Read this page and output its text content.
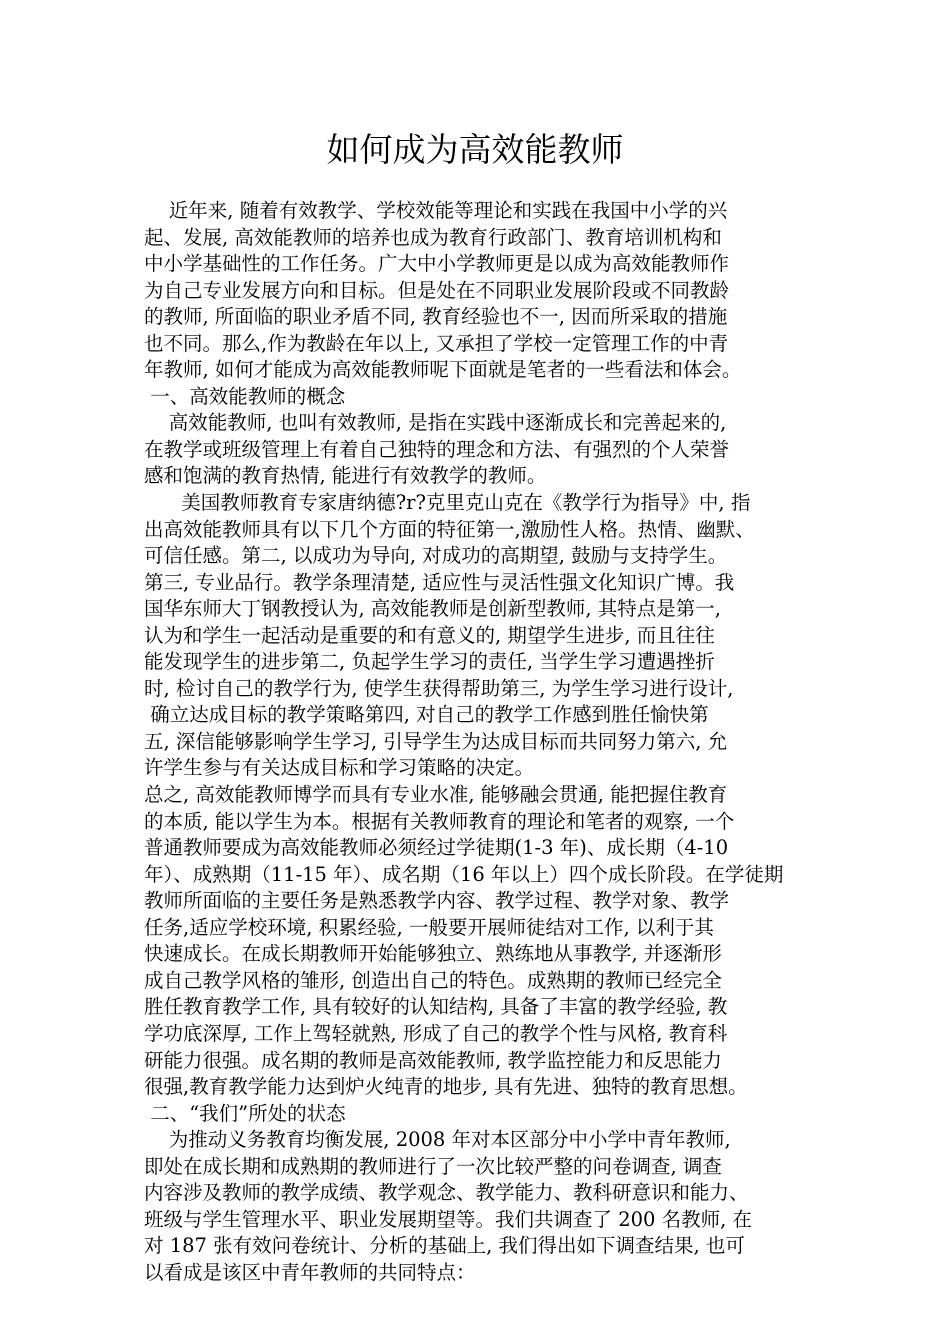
如何成为高效能教师
近年来, 随着有效教学、学校效能等理论和实践在我国中小学的兴
起、发展, 高效能教师的培养也成为教育行政部门、教育培训机构和
中小学基础性的工作任务。广大中小学教师更是以成为高效能教师作
为自己专业发展方向和目标。但是处在不同职业发展阶段或不同教龄
的教师, 所面临的职业矛盾不同, 教育经验也不一, 因而所采取的措施
也不同。那么,作为教龄在年以上, 又承担了学校一定管理工作的中青
年教师, 如何才能成为高效能教师呢下面就是笔者的一些看法和体会。
一、高效能教师的概念
高效能教师, 也叫有效教师, 是指在实践中逐渐成长和完善起来的,
在教学或班级管理上有着自己独特的理念和方法、有强烈的个人荣誉
感和饱满的教育热情, 能进行有效教学的教师。
美国教师教育专家唐纳德?r?克里克山克在《教学行为指导》中, 指
出高效能教师具有以下几个方面的特征第一,激励性人格。热情、幽默、
可信任感。第二, 以成功为导向, 对成功的高期望, 鼓励与支持学生。
第三, 专业品行。教学条理清楚, 适应性与灵活性强文化知识广博。我
国华东师大丁钢教授认为, 高效能教师是创新型教师, 其特点是第一,
认为和学生一起活动是重要的和有意义的, 期望学生进步, 而且往往
能发现学生的进步第二, 负起学生学习的责任, 当学生学习遭遇挫折
时, 检讨自己的教学行为, 使学生获得帮助第三, 为学生学习进行设计,
确立达成目标的教学策略第四, 对自己的教学工作感到胜任愉快第
五, 深信能够影响学生学习, 引导学生为达成目标而共同努力第六, 允
许学生参与有关达成目标和学习策略的决定。
总之, 高效能教师博学而具有专业水准, 能够融会贯通, 能把握住教育
的本质, 能以学生为本。根据有关教师教育的理论和笔者的观察, 一个
普通教师要成为高效能教师必须经过学徒期(1-3 年)、成长期（4-10
年）、成熟期（11-15 年）、成名期（16 年以上）四个成长阶段。在学徒期
教师所面临的主要任务是熟悉教学内容、教学过程、教学对象、教学
任务,适应学校环境, 积累经验, 一般要开展师徒结对工作, 以利于其
快速成长。在成长期教师开始能够独立、熟练地从事教学, 并逐渐形
成自己教学风格的雏形, 创造出自己的特色。成熟期的教师已经完全
胜任教育教学工作, 具有较好的认知结构, 具备了丰富的教学经验, 教
学功底深厚, 工作上驾轻就熟, 形成了自己的教学个性与风格, 教育科
研能力很强。成名期的教师是高效能教师, 教学监控能力和反思能力
很强,教育教学能力达到炉火纯青的地步, 具有先进、独特的教育思想。
二、“我们”所处的状态
为推动义务教育均衡发展, 2008 年对本区部分中小学中青年教师,
即处在成长期和成熟期的教师进行了一次比较严整的问卷调查, 调查
内容涉及教师的教学成绩、教学观念、教学能力、教科研意识和能力、
班级与学生管理水平、职业发展期望等。我们共调查了 200 名教师, 在
对 187 张有效问卷统计、分析的基础上, 我们得出如下调查结果, 也可
以看成是该区中青年教师的共同特点：
